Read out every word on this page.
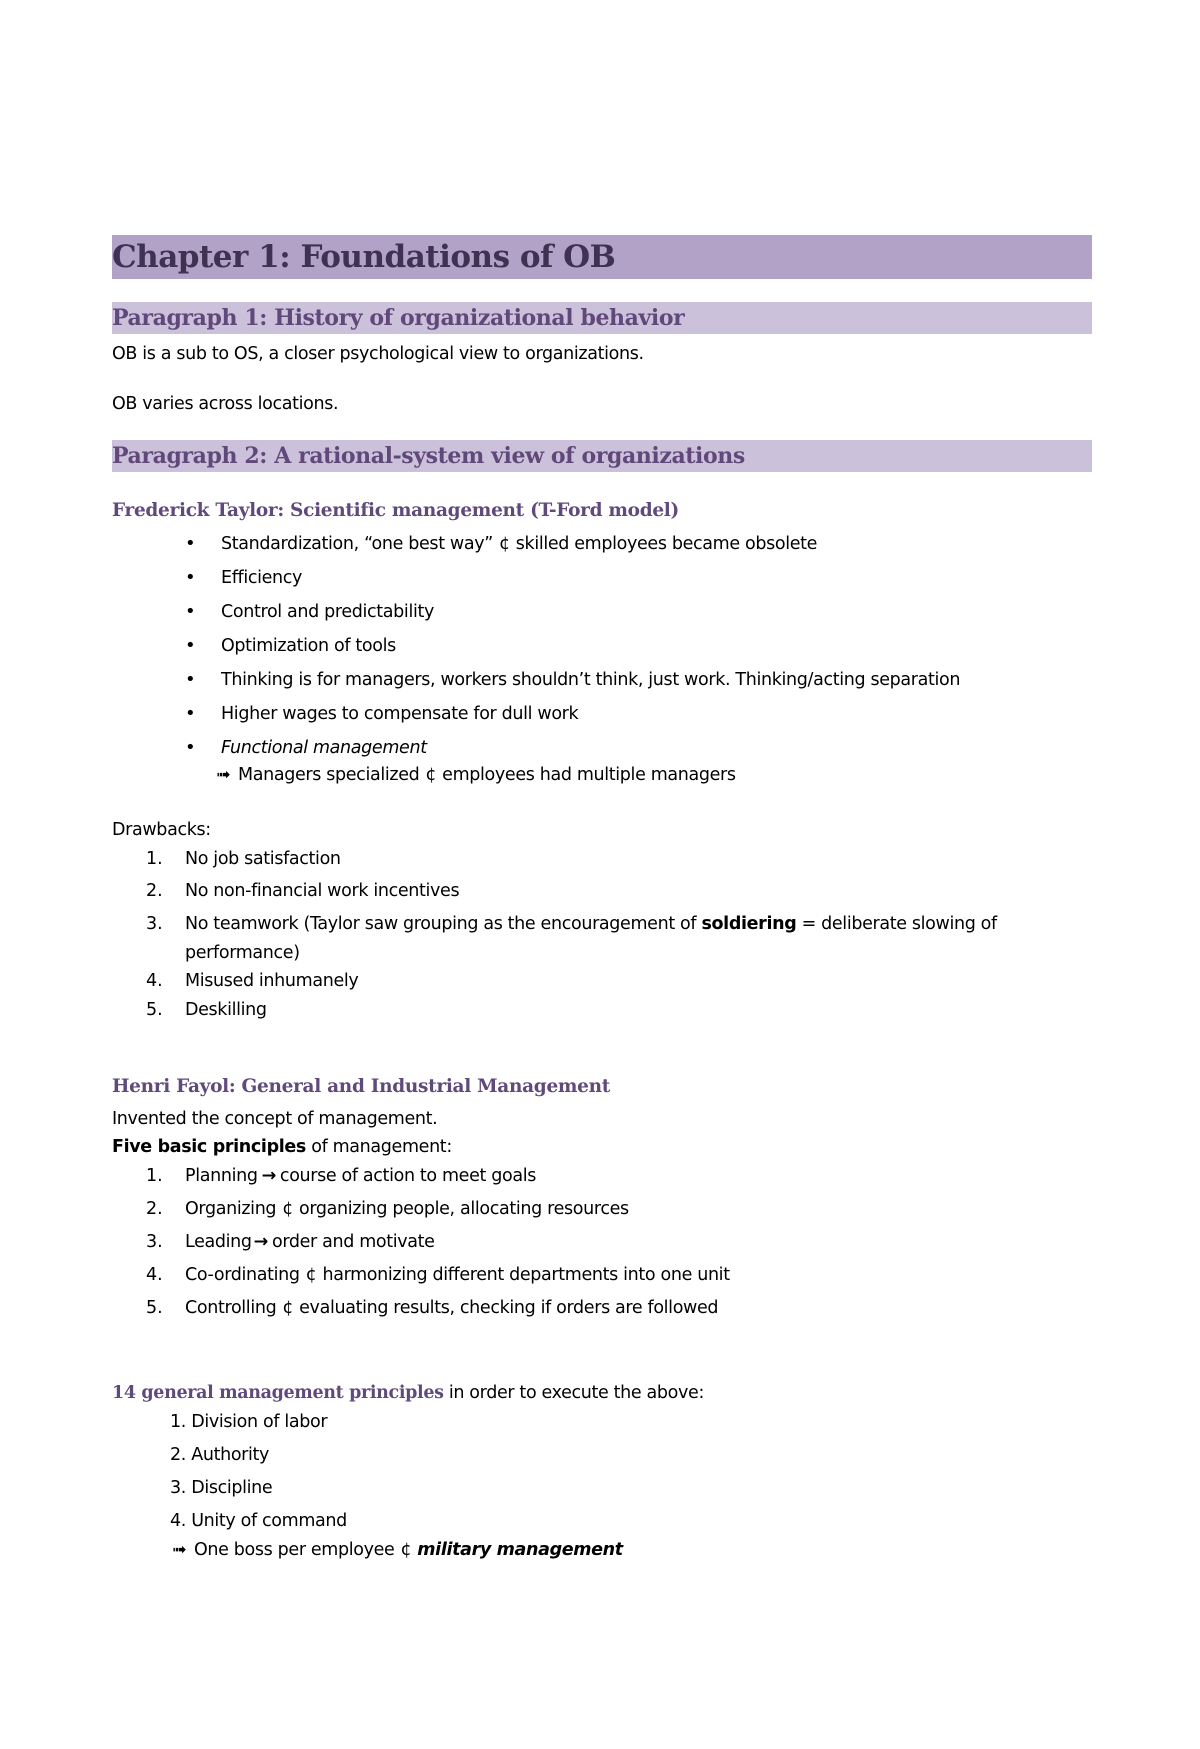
Chapter 1: Foundations of OB
Paragraph 1: History of organizational behavior
OB is a sub to OS, a closer psychological view to organizations.
OB varies across locations.
Paragraph 2: A rational-system view of organizations
Frederick Taylor: Scientific management (T-Ford model)
• Standardization, “one best way” ¢ skilled employees became obsolete
• Efficiency
• Control and predictability
• Optimization of tools
• Thinking is for managers, workers shouldn’t think, just work. Thinking/acting separation
• Higher wages to compensate for dull work
• Functional management
➟ Managers specialized ¢ employees had multiple managers
Drawbacks:
1.	No job satisfaction
2.	No non-financial work incentives
3.	No teamwork (Taylor saw grouping as the encouragement of soldiering = deliberate slowing of
performance)
4.	Misused inhumanely
5.	Deskilling
Henri Fayol: General and Industrial Management
Invented the concept of management.
Five basic principles of management:
1.	Planning → course of action to meet goals
2.	Organizing ¢ organizing people, allocating resources
3.	Leading → order and motivate
4.	Co-ordinating ¢ harmonizing different departments into one unit
5.	Controlling ¢ evaluating results, checking if orders are followed
14 general management principles in order to execute the above:
1. Division of labor
2. Authority
3. Discipline
4. Unity of command
➟ One boss per employee ¢ military management
